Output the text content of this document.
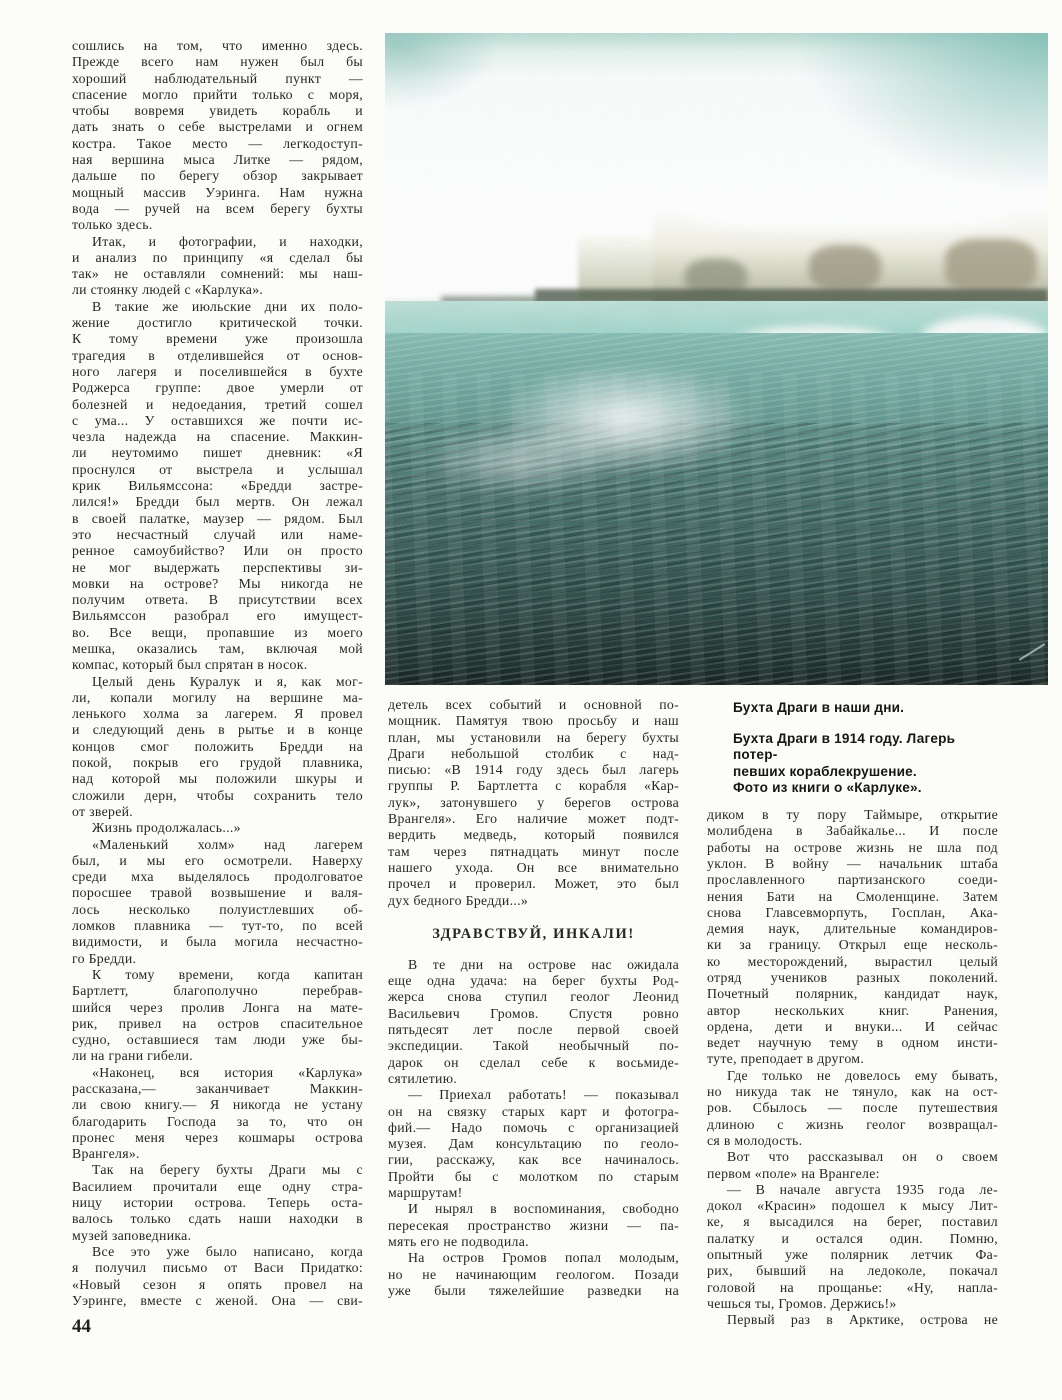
сошлись на том, что именно здесь.
Прежде всего нам нужен был бы
хороший наблюдательный пункт —
спасение могло прийти только с моря,
чтобы вовремя увидеть корабль и
дать знать о себе выстрелами и огнем
костра. Такое место — легкодоступ-
ная вершина мыса Литке — рядом,
дальше по берегу обзор закрывает
мощный массив Уэринга. Нам нужна
вода — ручей на всем берегу бухты
только здесь.
Итак, и фотографии, и находки,
и анализ по принципу «я сделал бы
так» не оставляли сомнений: мы наш-
ли стоянку людей с «Карлука».
В такие же июльские дни их поло-
жение достигло критической точки.
К тому времени уже произошла
трагедия в отделившейся от основ-
ного лагеря и поселившейся в бухте
Роджерса группе: двое умерли от
болезней и недоедания, третий сошел
с ума... У оставшихся же почти ис-
чезла надежда на спасение. Маккин-
ли неутомимо пишет дневник: «Я
проснулся от выстрела и услышал
крик Вильямссона: «Бредди застре-
лился!» Бредди был мертв. Он лежал
в своей палатке, маузер — рядом. Был
это несчастный случай или наме-
ренное самоубийство? Или он просто
не мог выдержать перспективы зи-
мовки на острове? Мы никогда не
получим ответа. В присутствии всех
Вильямссон разобрал его имущест-
во. Все вещи, пропавшие из моего
мешка, оказались там, включая мой
компас, который был спрятан в носок.
Целый день Куралук и я, как мог-
ли, копали могилу на вершине ма-
ленького холма за лагерем. Я провел
и следующий день в рытье и в конце
концов смог положить Бредди на
покой, покрыв его грудой плавника,
над которой мы положили шкуры и
сложили дерн, чтобы сохранить тело
от зверей.
Жизнь продолжалась...»
«Маленький холм» над лагерем
был, и мы его осмотрели. Наверху
среди мха выделялось продолговатое
поросшее травой возвышение и валя-
лось несколько полуистлевших об-
ломков плавника — тут-то, по всей
видимости, и была могила несчастно-
го Бредди.
К тому времени, когда капитан
Бартлетт, благополучно перебрав-
шийся через пролив Лонга на мате-
рик, привел на остров спасительное
судно, оставшиеся там люди уже бы-
ли на грани гибели.
«Наконец, вся история «Карлука»
рассказана,— заканчивает Маккин-
ли свою книгу.— Я никогда не устану
благодарить Господа за то, что он
пронес меня через кошмары острова
Врангеля».
Так на берегу бухты Драги мы с
Василием прочитали еще одну стра-
ницу истории острова. Теперь оста-
валось только сдать наши находки в
музей заповедника.
Все это уже было написано, когда
я получил письмо от Васи Придатко:
«Новый сезон я опять провел на
Уэринге, вместе с женой. Она — сви-
детель всех событий и основной по-
мощник. Памятуя твою просьбу и наш
план, мы установили на берегу бухты
Драги небольшой столбик с над-
писью: «В 1914 году здесь был лагерь
группы Р. Бартлетта с корабля «Кар-
лук», затонувшего у берегов острова
Врангеля». Его наличие может подт-
вердить медведь, который появился
там через пятнадцать минут после
нашего ухода. Он все внимательно
прочел и проверил. Может, это был
дух бедного Бредди...»
ЗДРАВСТВУЙ, ИНКАЛИ!
В те дни на острове нас ожидала
еще одна удача: на берег бухты Род-
жерса снова ступил геолог Леонид
Васильевич Громов. Спустя ровно
пятьдесят лет после первой своей
экспедиции. Такой необычный по-
дарок он сделал себе к восьмиде-
сятилетию.
— Приехал работать! — показывал
он на связку старых карт и фотогра-
фий.— Надо помочь с организацией
музея. Дам консультацию по геоло-
гии, расскажу, как все начиналось.
Пройти бы с молотком по старым
маршрутам!
И нырял в воспоминания, свободно
пересекая пространство жизни — па-
мять его не подводила.
На остров Громов попал молодым,
но не начинающим геологом. Позади
уже были тяжелейшие разведки на
Бухта Драги в наши дни.
Бухта Драги в 1914 году. Лагерь потер-
певших кораблекрушение.
Фото из книги о «Карлуке».
диком в ту пору Таймыре, открытие
молибдена в Забайкалье... И после
работы на острове жизнь не шла под
уклон. В войну — начальник штаба
прославленного партизанского соеди-
нения Бати на Смоленщине. Затем
снова Главсевморпуть, Госплан, Ака-
демия наук, длительные командиров-
ки за границу. Открыл еще несколь-
ко месторождений, вырастил целый
отряд учеников разных поколений.
Почетный полярник, кандидат наук,
автор нескольких книг. Ранения,
ордена, дети и внуки... И сейчас
ведет научную тему в одном инсти-
туте, преподает в другом.
Где только не довелось ему бывать,
но никуда так не тянуло, как на ост-
ров. Сбылось — после путешествия
длиною с жизнь геолог возвращал-
ся в молодость.
Вот что рассказывал он о своем
первом «поле» на Врангеле:
— В начале августа 1935 года ле-
докол «Красин» подошел к мысу Лит-
ке, я высадился на берег, поставил
палатку и остался один. Помню,
опытный уже полярник летчик Фа-
рих, бывший на ледоколе, покачал
головой на прощанье: «Ну, напла-
чешься ты, Громов. Держись!»
Первый раз в Арктике, острова не
44
